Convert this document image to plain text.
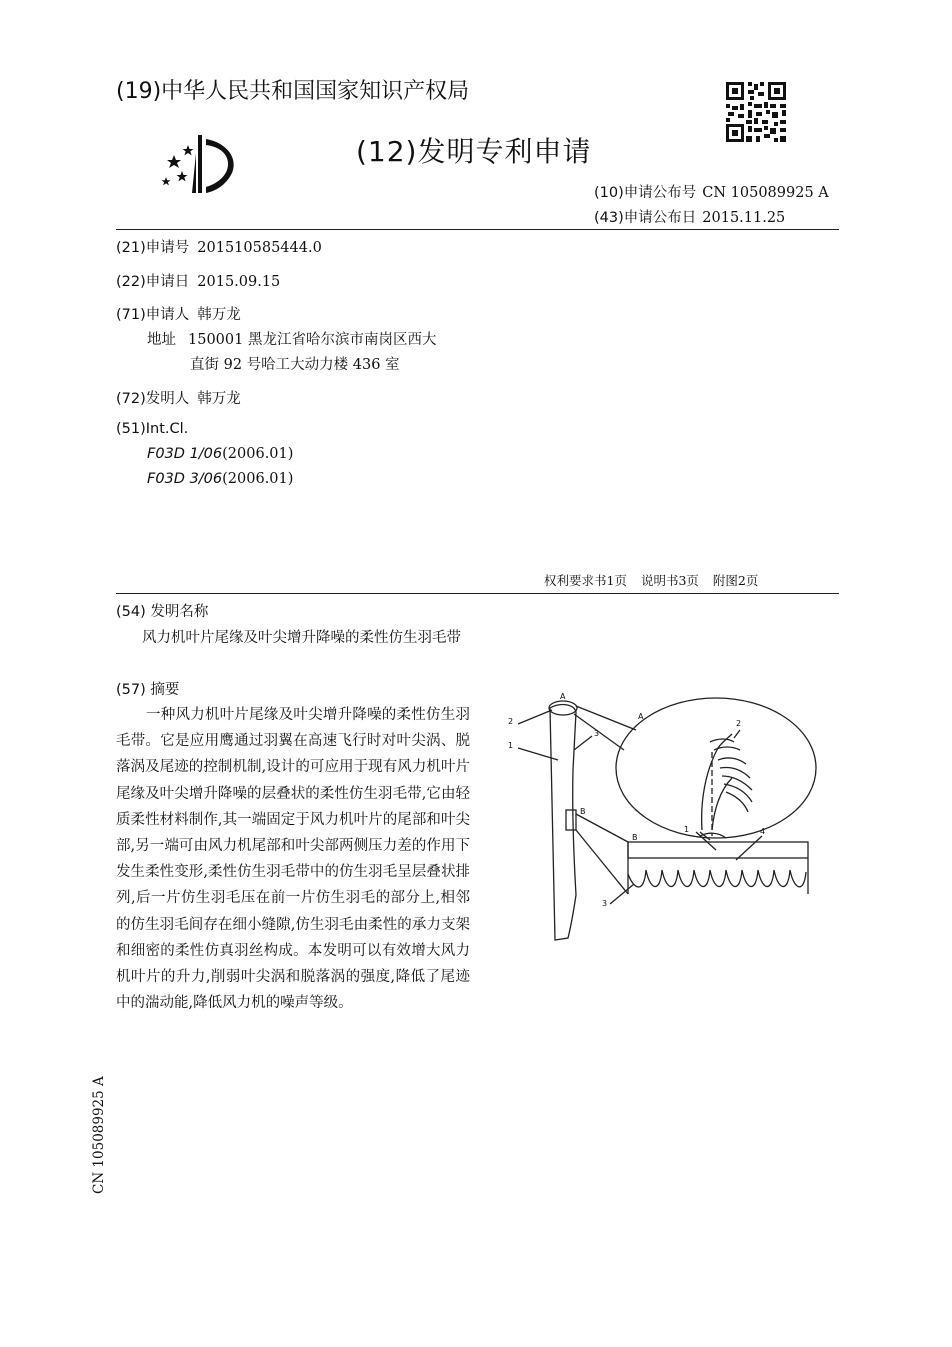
(19)中华人民共和国国家知识产权局
(12)发明专利申请
(10)申请公布号 CN 105089925 A
(43)申请公布日 2015.11.25
(21)申请号 201510585444.0
(22)申请日 2015.09.15
(71)申请人 韩万龙
地址 150001 黑龙江省哈尔滨市南岗区西大
直街 92 号哈工大动力楼 436 室
(72)发明人 韩万龙
(51)Int.Cl.
F03D 1/06(2006.01)
F03D 3/06(2006.01)
权利要求书1页 说明书3页 附图2页
(54) 发明名称
风力机叶片尾缘及叶尖增升降噪的柔性仿生羽毛带
(57) 摘要
一种风力机叶片尾缘及叶尖增升降噪的柔性仿生羽毛带。它是应用鹰通过羽翼在高速飞行时对叶尖涡、脱落涡及尾迹的控制机制,设计的可应用于现有风力机叶片尾缘及叶尖增升降噪的层叠状的柔性仿生羽毛带,它由轻质柔性材料制作,其一端固定于风力机叶片的尾部和叶尖部,另一端可由风力机尾部和叶尖部两侧压力差的作用下发生柔性变形,柔性仿生羽毛带中的仿生羽毛呈层叠状排列,后一片仿生羽毛压在前一片仿生羽毛的部分上,相邻的仿生羽毛间存在细小缝隙,仿生羽毛由柔性的承力支架和细密的柔性仿真羽丝构成。本发明可以有效增大风力机叶片的升力,削弱叶尖涡和脱落涡的强度,降低了尾迹中的湍动能,降低风力机的噪声等级。
A
A
B
B
2
1
3
2
1	4
3
CN 105089925 A
